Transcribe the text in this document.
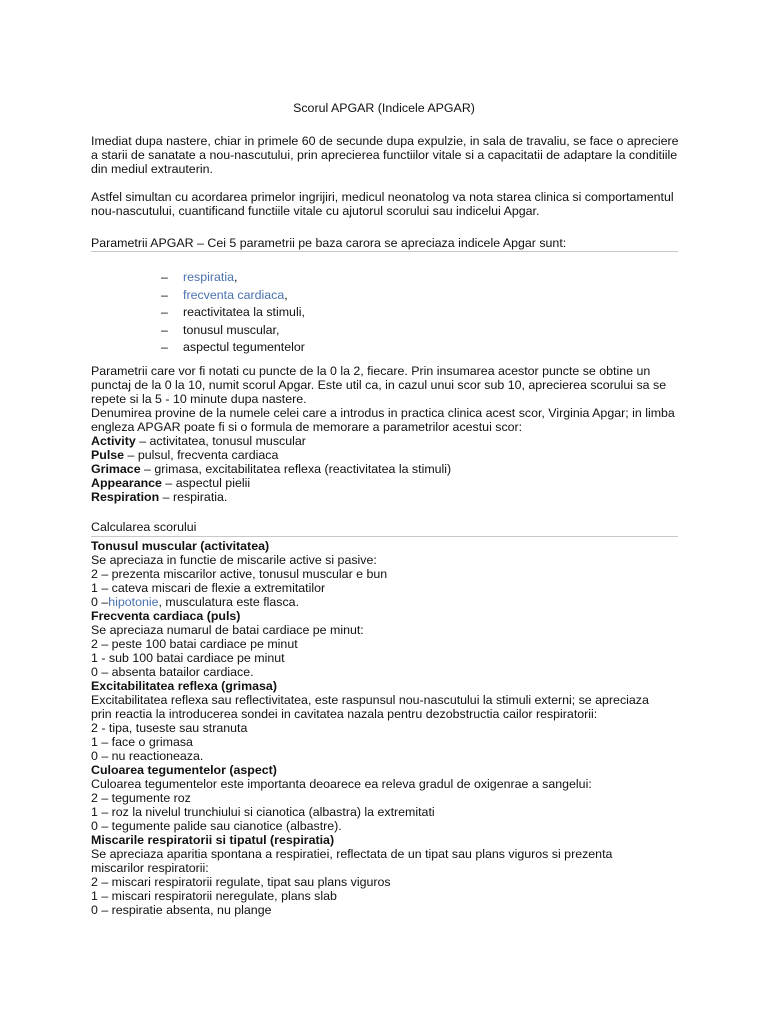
Scorul APGAR (Indicele APGAR)
Imediat dupa nastere, chiar in primele 60 de secunde dupa expulzie, in sala de travaliu, se face o apreciere a starii de sanatate a nou-nascutului, prin aprecierea functiilor vitale si a capacitatii de adaptare la conditiile din mediul extrauterin.
Astfel simultan cu acordarea primelor ingrijiri, medicul neonatolog va nota starea clinica si comportamentul nou-nascutului, cuantificand functiile vitale cu ajutorul scorului sau indicelui Apgar.
Parametrii APGAR – Cei 5 parametrii pe baza carora se apreciaza indicele Apgar sunt:
– respiratia,
– frecventa cardiaca,
– reactivitatea la stimuli,
– tonusul muscular,
– aspectul tegumentelor
Parametrii care vor fi notati cu puncte de la 0 la 2, fiecare. Prin insumarea acestor puncte se obtine un punctaj de la 0 la 10, numit scorul Apgar. Este util ca, in cazul unui scor sub 10, aprecierea scorului sa se repete si la 5 - 10 minute dupa nastere.
Denumirea provine de la numele celei care a introdus in practica clinica acest scor, Virginia Apgar; in limba engleza APGAR poate fi si o formula de memorare a parametrilor acestui scor:
Activity – activitatea, tonusul muscular
Pulse – pulsul, frecventa cardiaca
Grimace – grimasa, excitabilitatea reflexa (reactivitatea la stimuli)
Appearance – aspectul pielii
Respiration – respiratia.
Calcularea scorului
Tonusul muscular (activitatea)
Se apreciaza in functie de miscarile active si pasive:
2 – prezenta miscarilor active, tonusul muscular e bun
1 – cateva miscari de flexie a extremitatilor
0 –hipotonie, musculatura este flasca.
Frecventa cardiaca (puls)
Se apreciaza numarul de batai cardiace pe minut:
2 – peste 100 batai cardiace pe minut
1 - sub 100 batai cardiace pe minut
0 – absenta batailor cardiace.
Excitabilitatea reflexa (grimasa)
Excitabilitatea reflexa sau reflectivitatea, este raspunsul nou-nascutului la stimuli externi; se apreciaza
prin reactia la introducerea sondei in cavitatea nazala pentru dezobstructia cailor respiratorii:
2 - tipa, tuseste sau stranuta
1 – face o grimasa
0 – nu reactioneaza.
Culoarea tegumentelor (aspect)
Culoarea tegumentelor este importanta deoarece ea releva gradul de oxigenrae a sangelui:
2 – tegumente roz
1 – roz la nivelul trunchiului si cianotica (albastra) la extremitati
0 – tegumente palide sau cianotice (albastre).
Miscarile respiratorii si tipatul (respiratia)
Se apreciaza aparitia spontana a respiratiei, reflectata de un tipat sau plans viguros si prezenta
miscarilor respiratorii:
2 – miscari respiratorii regulate, tipat sau plans viguros
1 – miscari respiratorii neregulate, plans slab
0 – respiratie absenta, nu plange
